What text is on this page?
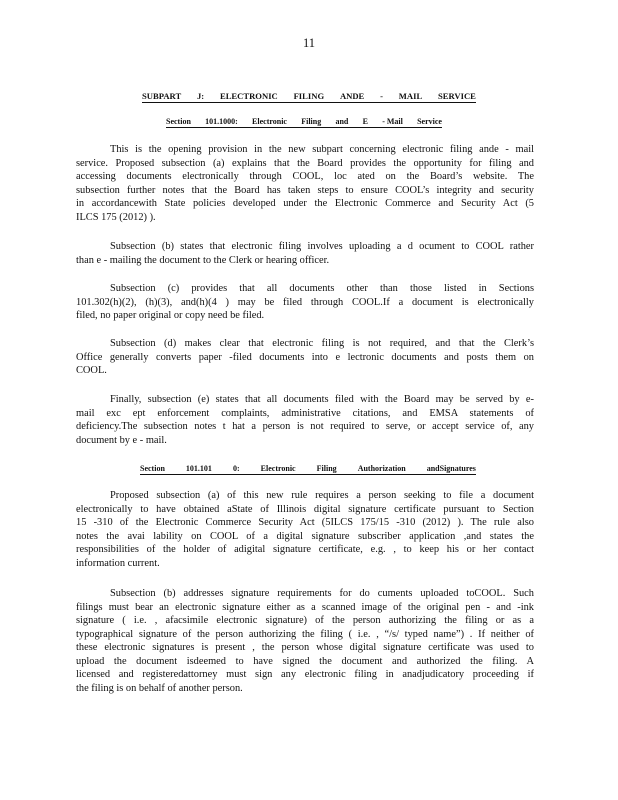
11
SUBPART J: ELECTRONIC FILING ANDE - MAIL SERVICE
Section 101.1000: Electronic Filing and E - Mail Service
This is the opening provision in the new subpart concerning electronic filing ande - mail
service. Proposed subsection (a) explains that the Board provides the opportunity for filing and
accessing documents electronically through COOL, loc ated on the Board’s website. The
subsection further notes that the Board has taken steps to ensure COOL’s integrity and security
in accordancewith State policies developed under the Electronic Commerce and Security Act (5
ILCS 175 (2012) ).
Subsection (b) states that electronic filing involves uploading a d ocument to COOL rather
than e - mailing the document to the Clerk or hearing officer.
Subsection (c) provides that all documents other than those listed in Sections
101.302(h)(2), (h)(3), and(h)(4 ) may be filed through COOL.If a document is electronically
filed, no paper original or copy need be filed.
Subsection (d) makes clear that electronic filing is not required, and that the Clerk’s
Office generally converts paper -filed documents into e lectronic documents and posts them on
COOL.
Finally, subsection (e) states that all documents filed with the Board may be served by e-
mail exc ept enforcement complaints, administrative citations, and EMSA statements of
deficiency.The subsection notes t hat a person is not required to serve, or accept service of, any
document by e - mail.
Section	101.101	0:	Electronic	Filing	Authorization	andSignatures
Proposed subsection (a) of this new rule requires a person seeking to file a document
electronically to have obtained aState of Illinois digital signature certificate pursuant to Section
15 -310 of the Electronic Commerce Security Act (5ILCS 175/15 -310 (2012) ). The rule also
notes the avai lability on COOL of a digital signature subscriber application ,and states the
responsibilities of the holder of adigital signature certificate, e.g. , to keep his or her contact
information current.
Subsection (b) addresses signature requirements for do cuments uploaded toCOOL. Such
filings must bear an electronic signature either as a scanned image of the original pen - and -ink
signature ( i.e. , afacsimile electronic signature) of the person authorizing the filing or as a
typographical signature of the person authorizing the filing ( i.e. , “/s/ typed name”) . If neither of
these electronic signatures is present , the person whose digital signature certificate was used to
upload the document isdeemed to have signed the document and authorized the filing. A
licensed and registeredattorney must sign any electronic filing in anadjudicatory proceeding if
the filing is on behalf of another person.
